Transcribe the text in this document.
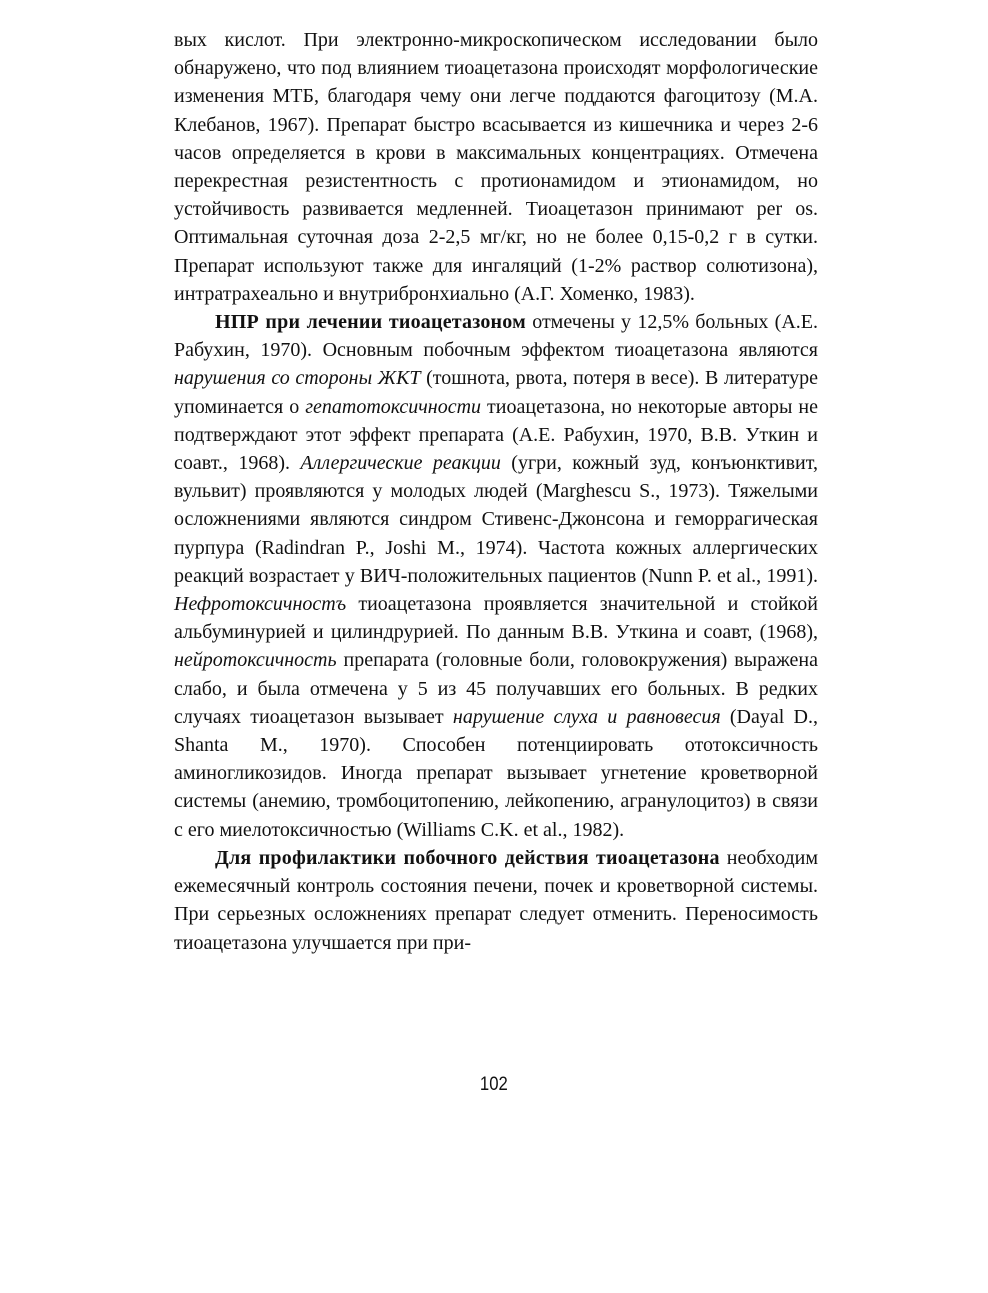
вых кислот. При электронно-микроскопическом исследовании было обнаружено, что под влиянием тиоацетазона происходят морфологические изменения МТБ, благодаря чему они легче поддаются фагоцитозу (М.А. Клебанов, 1967). Препарат быстро всасывается из кишечника и через 2-6 часов определяется в крови в максимальных концентрациях. Отмечена перекрестная резистентность с протионамидом и этионамидом, но устойчивость развивается медленней. Тиоацетазон принимают per os. Оптимальная суточная доза 2-2,5 мг/кг, но не более 0,15-0,2 г в сутки. Препарат используют также для ингаляций (1-2% раствор солютизона), интратрахеально и внутрибронхиально (А.Г. Хоменко, 1983).

НПР при лечении тиоацетазоном отмечены у 12,5% больных (А.Е. Рабухин, 1970). Основным побочным эффектом тиоацетазона являются нарушения со стороны ЖКТ (тошнота, рвота, потеря в весе). В литературе упоминается о гепатотоксичности тиоацетазона, но некоторые авторы не подтверждают этот эффект препарата (А.Е. Рабухин, 1970, В.В. Уткин и соавт., 1968). Аллергические реакции (угри, кожный зуд, конъюнктивит, вульвит) проявляются у молодых людей (Marghescu S., 1973). Тяжелыми осложнениями являются синдром Стивенс-Джонсона и геморрагическая пурпура (Radindran P., Joshi M., 1974). Частота кожных аллергических реакций возрастает у ВИЧ-положительных пациентов (Nunn P. et al., 1991). Нефротоксичностъ тиоацетазона проявляется значительной и стойкой альбуминурией и цилиндрурией. По данным В.В. Уткина и соавт, (1968), нейротоксичность препарата (головные боли, головокружения) выражена слабо, и была отмечена у 5 из 45 получавших его больных. В редких случаях тиоацетазон вызывает нарушение слуха и равновесия (Dayal D., Shanta M., 1970). Способен потенциировать ототоксичность аминогликозидов. Иногда препарат вызывает угнетение кроветворной системы (анемию, тромбоцитопению, лейкопению, агранулоцитоз) в связи с его миелотоксичностью (Williams C.K. et al., 1982).

Для профилактики побочного действия тиоацетазона необходим ежемесячный контроль состояния печени, почек и кроветворной системы. При серьезных осложнениях препарат следует отменить. Переносимость тиоацетазона улучшается при при-

102
